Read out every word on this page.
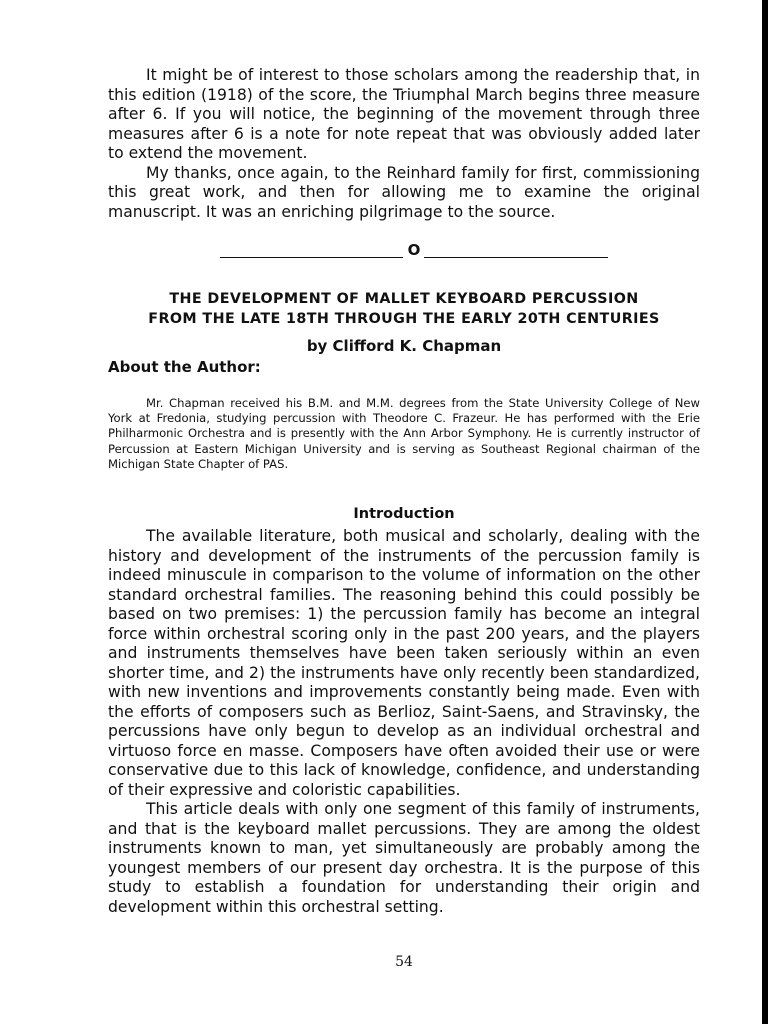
It might be of interest to those scholars among the readership that, in this edition (1918) of the score, the Triumphal March begins three measure after 6. If you will notice, the beginning of the movement through three measures after 6 is a note for note repeat that was obviously added later to extend the movement.

My thanks, once again, to the Reinhard family for first, commissioning this great work, and then for allowing me to examine the original manuscript. It was an enriching pilgrimage to the source.

O
THE DEVELOPMENT OF MALLET KEYBOARD PERCUSSION
FROM THE LATE 18TH THROUGH THE EARLY 20TH CENTURIES

by Clifford K. Chapman

About the Author:

Mr. Chapman received his B.M. and M.M. degrees from the State University College of New York at Fredonia, studying percussion with Theodore C. Frazeur. He has performed with the Erie Philharmonic Orchestra and is presently with the Ann Arbor Symphony. He is currently instructor of Percussion at Eastern Michigan University and is serving as Southeast Regional chairman of the Michigan State Chapter of PAS.

Introduction

The available literature, both musical and scholarly, dealing with the history and development of the instruments of the percussion family is indeed minuscule in comparison to the volume of information on the other standard orchestral families. The reasoning behind this could possibly be based on two premises: 1) the percussion family has become an integral force within orchestral scoring only in the past 200 years, and the players and instruments themselves have been taken seriously within an even shorter time, and 2) the instruments have only recently been standardized, with new inventions and improvements constantly being made. Even with the efforts of composers such as Berlioz, Saint-Saens, and Stravinsky, the percussions have only begun to develop as an individual orchestral and virtuoso force en masse. Composers have often avoided their use or were conservative due to this lack of knowledge, confidence, and understanding of their expressive and coloristic capabilities.

This article deals with only one segment of this family of instruments, and that is the keyboard mallet percussions. They are among the oldest instruments known to man, yet simultaneously are probably among the youngest members of our present day orchestra. It is the purpose of this study to establish a foundation for understanding their origin and development within this orchestral setting.

54
